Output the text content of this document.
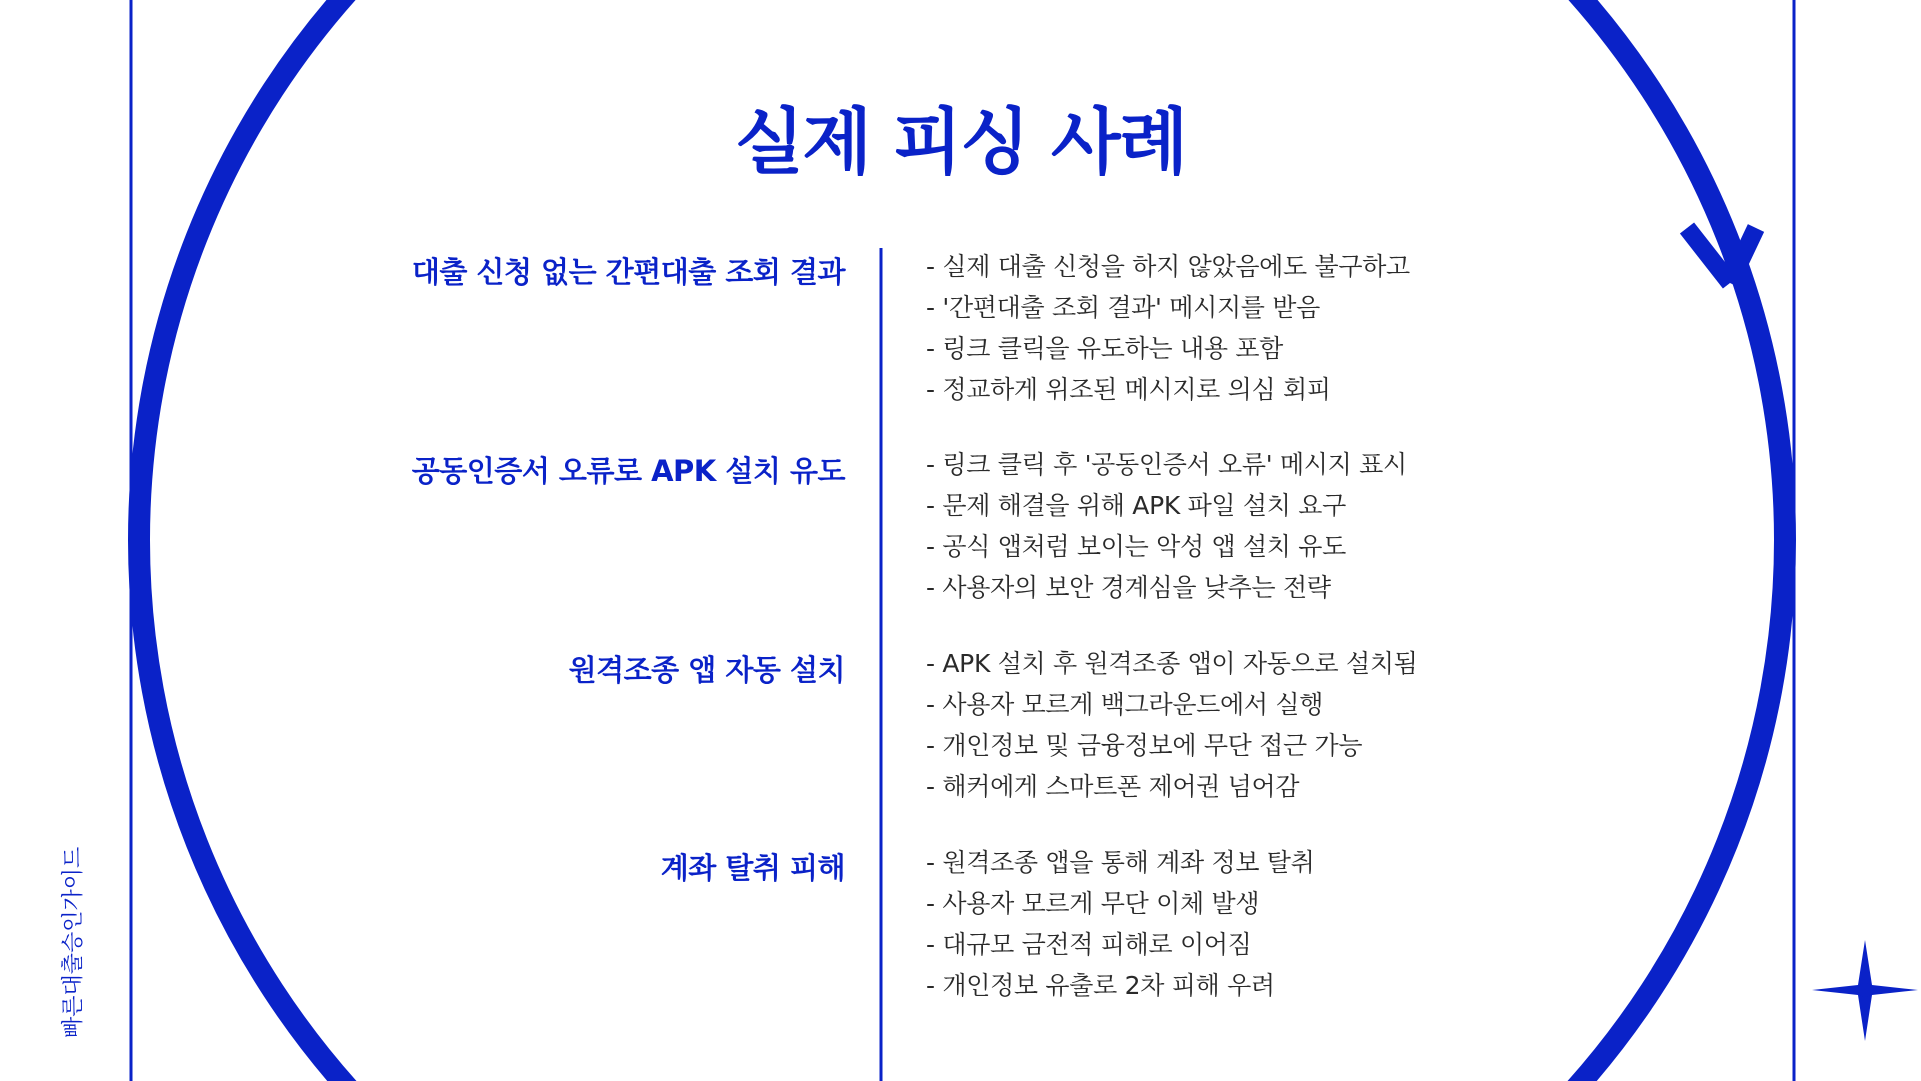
실제 피싱 사례
빠른대출승인가이드
대출 신청 없는 간편대출 조회 결과	- 실제 대출 신청을 하지 않았음에도 불구하고
- '간편대출 조회 결과' 메시지를 받음
- 링크 클릭을 유도하는 내용 포함
- 정교하게 위조된 메시지로 의심 회피
공동인증서 오류로 APK 설치 유도	- 링크 클릭 후 '공동인증서 오류' 메시지 표시
- 문제 해결을 위해 APK 파일 설치 요구
- 공식 앱처럼 보이는 악성 앱 설치 유도
- 사용자의 보안 경계심을 낮추는 전략
원격조종 앱 자동 설치	- APK 설치 후 원격조종 앱이 자동으로 설치됨
- 사용자 모르게 백그라운드에서 실행
- 개인정보 및 금융정보에 무단 접근 가능
- 해커에게 스마트폰 제어권 넘어감
계좌 탈취 피해	- 원격조종 앱을 통해 계좌 정보 탈취
- 사용자 모르게 무단 이체 발생
- 대규모 금전적 피해로 이어짐
- 개인정보 유출로 2차 피해 우려
